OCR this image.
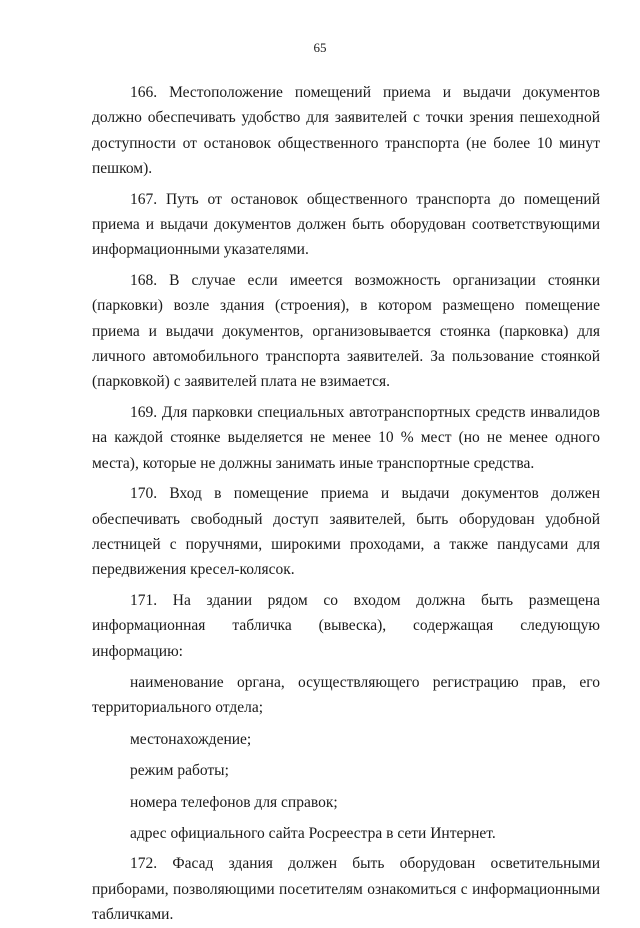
65

166. Местоположение помещений приема и выдачи документов должно обеспечивать удобство для заявителей с точки зрения пешеходной доступности от остановок общественного транспорта (не более 10 минут пешком).

167. Путь от остановок общественного транспорта до помещений приема и выдачи документов должен быть оборудован соответствующими информационными указателями.

168. В случае если имеется возможность организации стоянки (парковки) возле здания (строения), в котором размещено помещение приема и выдачи документов, организовывается стоянка (парковка) для личного автомобильного транспорта заявителей. За пользование стоянкой (парковкой) с заявителей плата не взимается.

169. Для парковки специальных автотранспортных средств инвалидов на каждой стоянке выделяется не менее 10 % мест (но не менее одного места), которые не должны занимать иные транспортные средства.

170. Вход в помещение приема и выдачи документов должен обеспечивать свободный доступ заявителей, быть оборудован удобной лестницей с поручнями, широкими проходами, а также пандусами для передвижения кресел-колясок.

171. На здании рядом со входом должна быть размещена информационная табличка (вывеска), содержащая следующую информацию:

наименование органа, осуществляющего регистрацию прав, его территориального отдела;

местонахождение;

режим работы;

номера телефонов для справок;

адрес официального сайта Росреестра в сети Интернет.

172. Фасад здания должен быть оборудован осветительными приборами, позволяющими посетителям ознакомиться с информационными табличками.
